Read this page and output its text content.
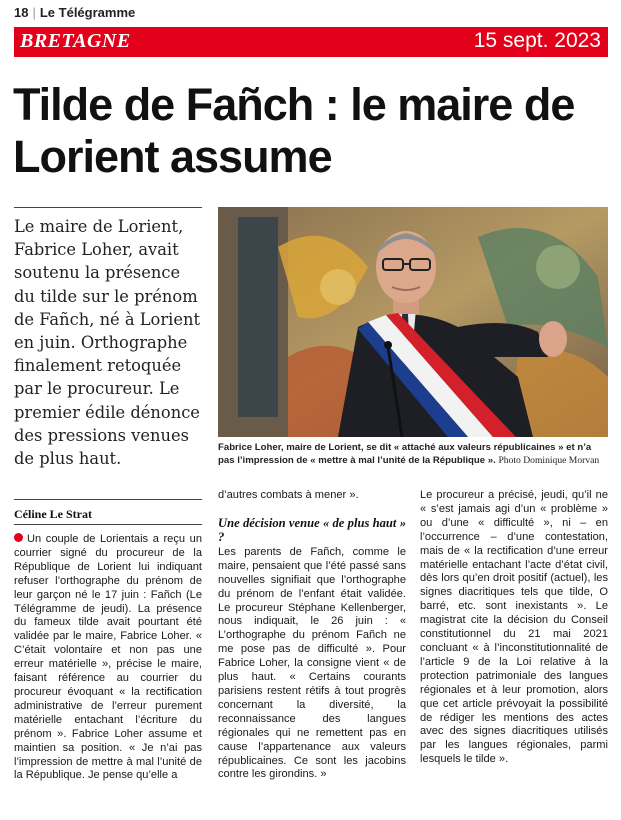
18 | Le Télégramme
BRETAGNE	15 sept. 2023
Tilde de Fañch : le maire de Lorient assume
Le maire de Lorient, Fabrice Loher, avait soutenu la présence du tilde sur le prénom de Fañch, né à Lorient en juin. Orthographe finalement retoquée par le procureur. Le premier édile dénonce des pressions venues de plus haut.
Fabrice Loher, maire de Lorient, se dit « attaché aux valeurs républicaines » et n’a pas l’impression de « mettre à mal l’unité de la République ». Photo Dominique Morvan
Céline Le Strat

Un couple de Lorientais a reçu un courrier signé du procureur de la République de Lorient lui indiquant refuser l’orthographe du prénom de leur garçon né le 17 juin : Fañch (Le Télégramme de jeudi). La présence du fameux tilde avait pourtant été validée par le maire, Fabrice Loher. « C’était volontaire et non pas une erreur matérielle », précise le maire, faisant référence au courrier du procureur évoquant « la rectification administrative de l’erreur purement matérielle entachant l’écriture du prénom ». Fabrice Loher assume et maintien sa position. « Je n’ai pas l’impression de mettre à mal l’unité de la République. Je pense qu’elle a

d’autres combats à mener ».

Une décision venue « de plus haut » ?

Les parents de Fañch, comme le maire, pensaient que l’été passé sans nouvelles signifiait que l’orthographe du prénom de l’enfant était validée. Le procureur Stéphane Kellenberger, nous indiquait, le 26 juin : « L’orthographe du prénom Fañch ne me pose pas de difficulté ». Pour Fabrice Loher, la consigne vient « de plus haut. « Certains courants parisiens restent rétifs à tout progrès concernant la diversité, la reconnaissance des langues régionales qui ne remettent pas en cause l’appartenance aux valeurs républicaines. Ce sont les jacobins contre les girondins. »

Le procureur a précisé, jeudi, qu’il ne « s’est jamais agi d’un « problème » ou d’une « difficulté », ni – en l’occurrence – d’une contestation, mais de « la rectification d’une erreur matérielle entachant l’acte d’état civil, dès lors qu’en droit positif (actuel), les signes diacritiques tels que tilde, O barré, etc. sont inexistants ». Le magistrat cite la décision du Conseil constitutionnel du 21 mai 2021 concluant « à l’inconstitutionnalité de l’article 9 de la Loi relative à la protection patrimoniale des langues régionales et à leur promotion, alors que cet article prévoyait la possibilité de rédiger les mentions des actes avec des signes diacritiques utilisés par les langues régionales, parmi lesquels le tilde ».
